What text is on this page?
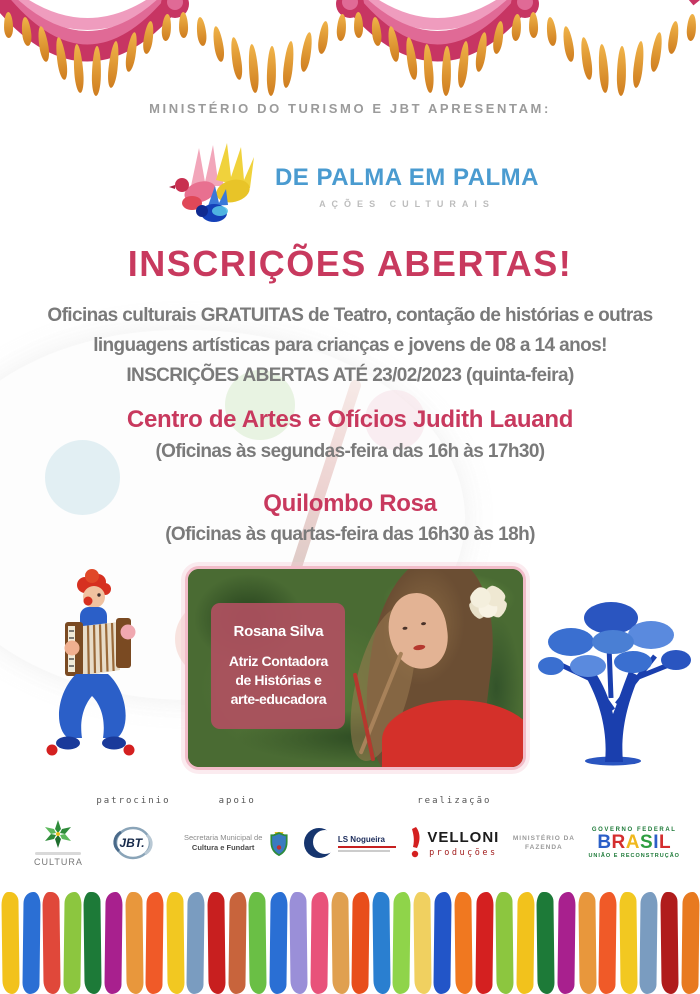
MINISTÉRIO DO TURISMO E JBT APRESENTAM:
DE PALMA EM PALMA
AÇÕES CULTURAIS
INSCRIÇÕES ABERTAS!
Oficinas culturais GRATUITAS de Teatro, contação de histórias e outras
linguagens artísticas para crianças e jovens de 08 a 14 anos!
INSCRIÇÕES ABERTAS ATÉ 23/02/2023 (quinta-feira)
Centro de Artes e Ofícios Judith Lauand
(Oficinas às segundas-feira das 16h às 17h30)
Quilombo Rosa
(Oficinas às quartas-feira das 16h30 às 18h)
Rosana Silva
Atriz Contadora
de Histórias e
arte-educadora
CULTURA
patrocinio
JBT.
apoio
Secretaria Municipal de
Cultura e Fundart
LS Nogueira
realização
VELLONI
produções
MINISTÉRIO DA
FAZENDA
GOVERNO FEDERAL
BRASIL
UNIÃO E RECONSTRUÇÃO
